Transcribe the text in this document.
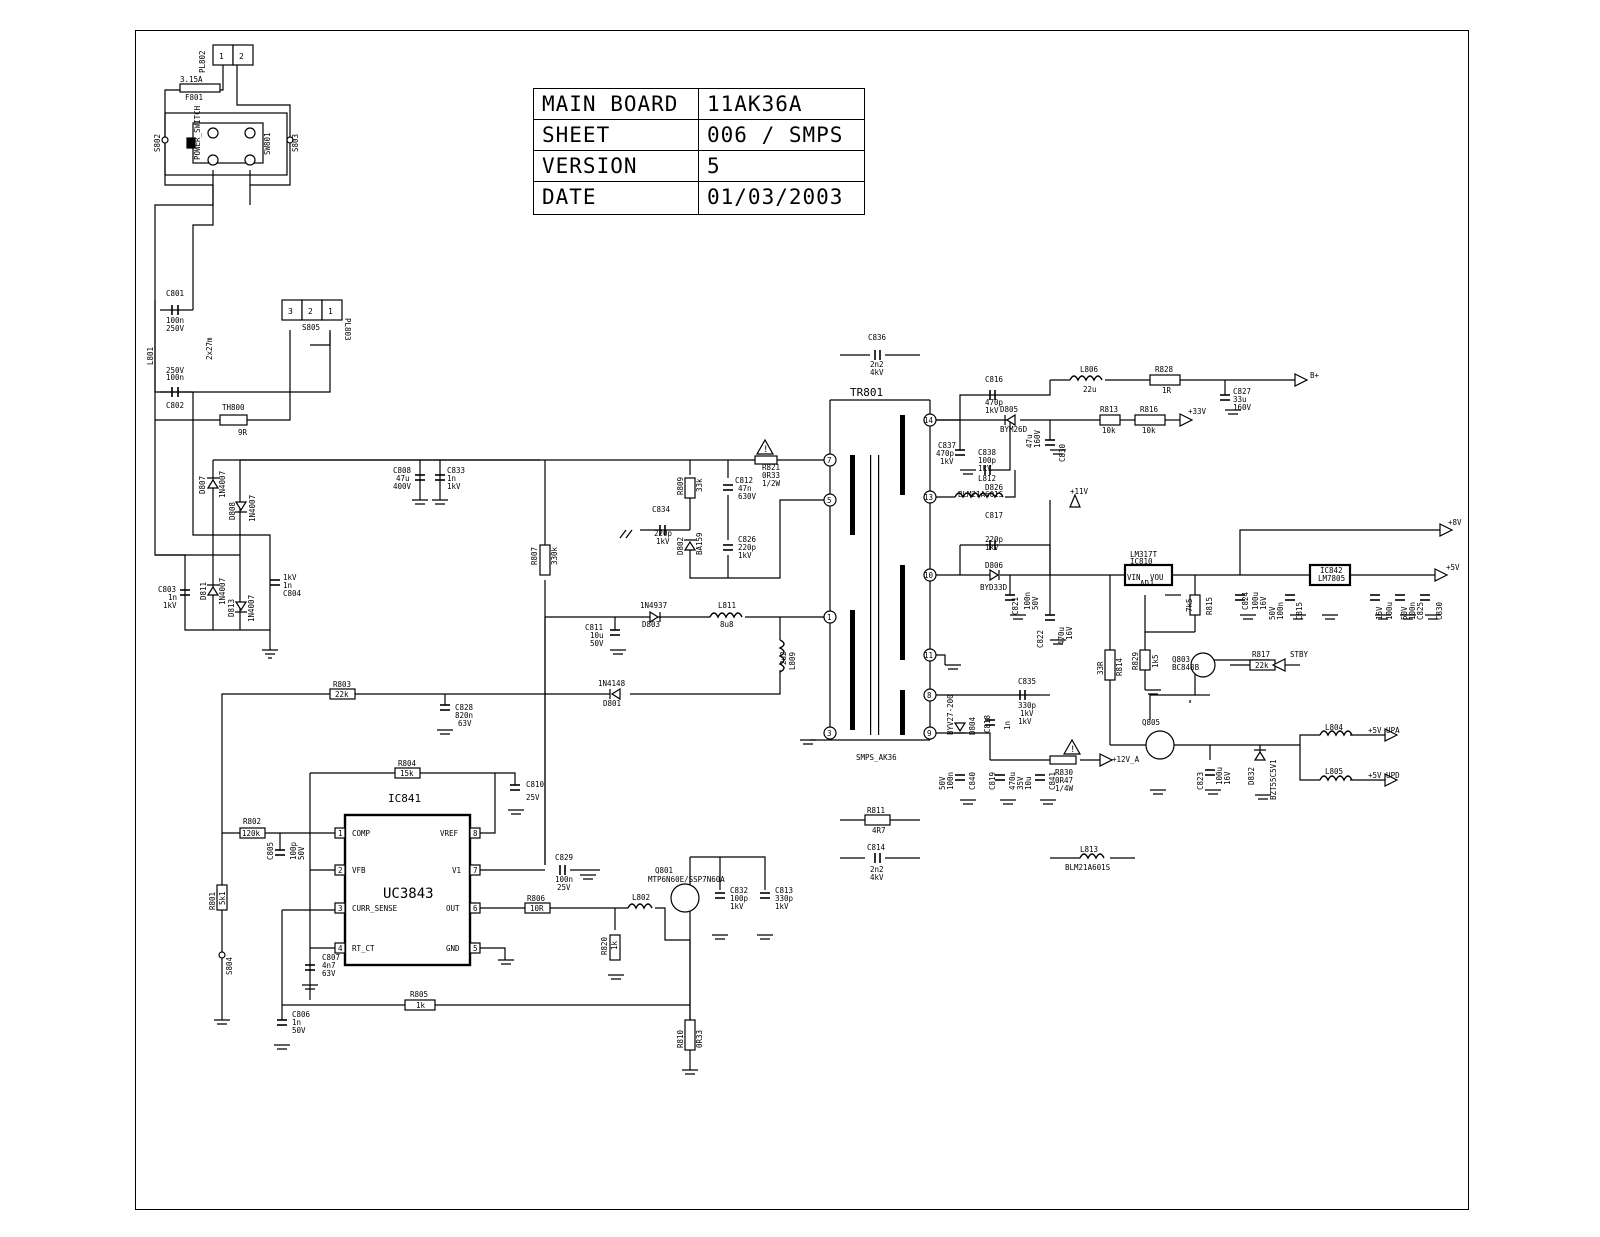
MAIN BOARD 11AK36A
SHEET	006 / SMPS
VERSION	5
DATE	01/03/2003
!
!
3.15A
F801
PL802
POWER_SWITCH	SW801
S802	S803
PL803
S805
C801
100n
250V
100n
250V
C802
L801	2x27m
TH800
9R
D807 1N4007
D808 1N4007
D811 1N4007
D813 1N4007
C803
1n
1kV
1kV
1n
C804
C808
47u
400V
C833
1n
1kV
R807 330k
R809 33k	C812
47n
630V
R821
0R33
1/2W
C834
220p
1kV D802 BA159	C826
220p
1kV
C811
10u
50V
1N4937
D803
L811
8u8
L809
2u2
R803
22k
C828
820n
63V
1N4148
D801
R804
15k
C810
25V
R802
120k
C805 100p 50V
R801 5k1
S804	C807
4n7
63V
C806
1n
50V
R805
1k
C829
100n
25V
R806
10R
L802
R820 1k
Q801
MTP6N60E/SSP7N60A
C832
100p
1kV
C813
330p
1kV
R810 0R33
C836
2n2
4kV
C816
470p
1kV D805
BYM26D
L806
22u
R828
1R
B+
C827
33u
160V
R813
10k
R816
10k
+33V
C837
470p
1kV
C838
100p
1kV
160V
47u
C830
L812
BLM21A601S
D826	+11V
C817
220p
1kV
D806
BYD33D
C821 100n 50V
C822 470u 16V
LM317T
IC810
VIN VOU
ADJ
7k5 R815	C824 100u 16V
50V 100n C815
IC842
LM7805
16V 100u 50V 100n C825 C830
+8V
+5V
33R R814 R829 1k5 Q803
BC848B
R817
22k
STBY
Q805
BYV27-200 D804
C835
330p
1kV
1kV
C818 1n
50V 100n C840 C819 470u 35V 10u C841
R830
0R47
1/4W
+12V_A
C823 100u 16V D832 BZT55C5V1
L804
L805
+5V_UPA
+5V_UPD
R811
4R7
C814
2n2
4kV
L813
BLM21A601S
TR801
SMPS_AK36
IC841
UC3843
7
5
1
3
14
13
10
11
8
9
1 COMP
2 VFB
3 CURR_SENSE
4 RT_CT
8
VREF
7
V1
6
OUT
5
GND
1 2
3 2 1
